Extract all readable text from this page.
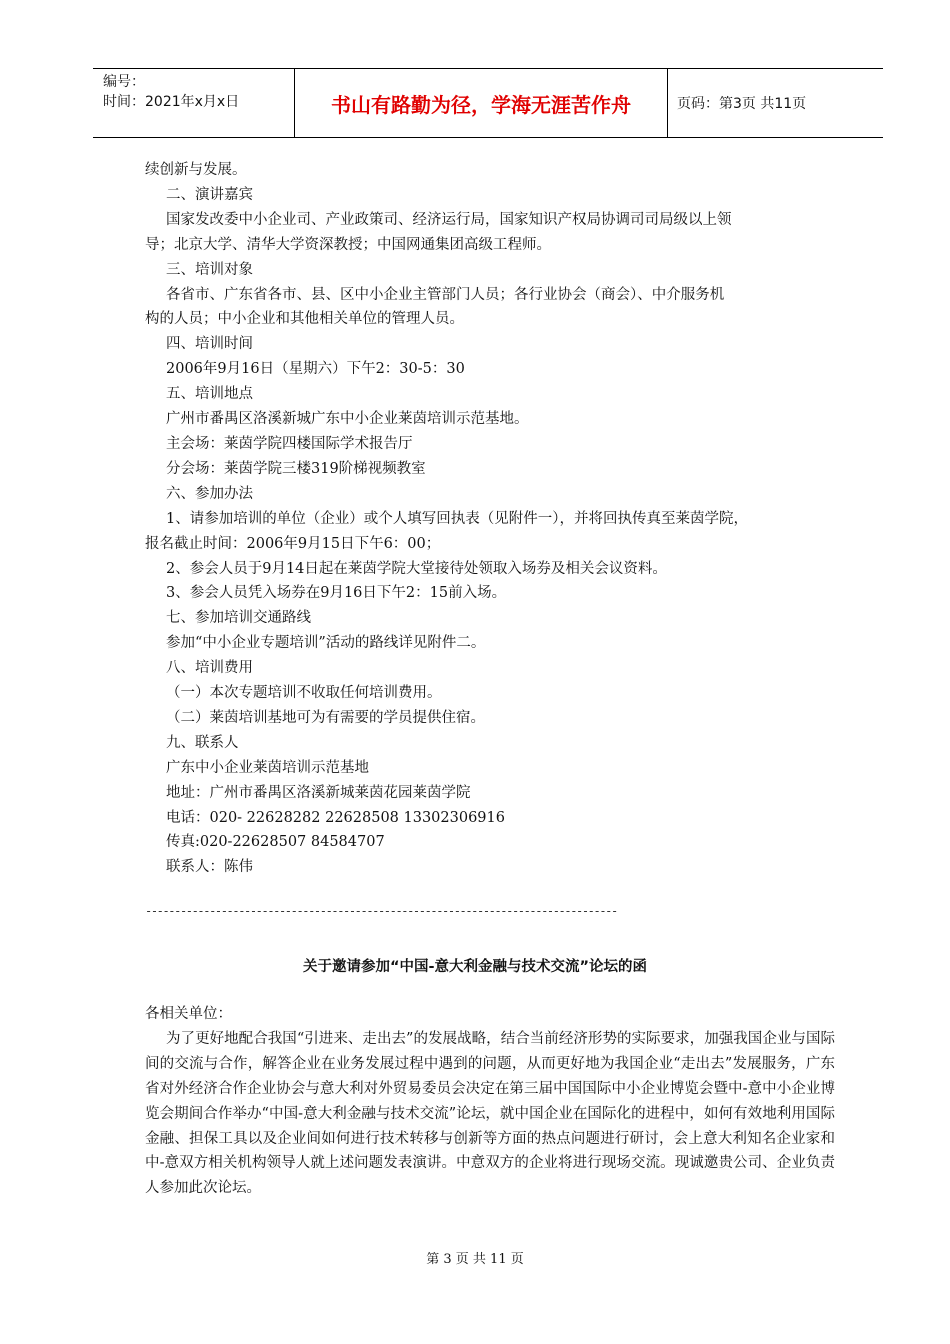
编号：
时间：2021年x月x日	书山有路勤为径，学海无涯苦作舟	页码：第3页 共11页

续创新与发展。

二、演讲嘉宾

国家发改委中小企业司、产业政策司、经济运行局，国家知识产权局协调司司局级以上领

导；北京大学、清华大学资深教授；中国网通集团高级工程师。

三、培训对象

各省市、广东省各市、县、区中小企业主管部门人员；各行业协会（商会）、中介服务机

构的人员；中小企业和其他相关单位的管理人员。

四、培训时间

2006年9月16日（星期六）下午2：30-5：30

五、培训地点

广州市番禺区洛溪新城广东中小企业莱茵培训示范基地。

主会场：莱茵学院四楼国际学术报告厅

分会场：莱茵学院三楼319阶梯视频教室

六、参加办法

1、请参加培训的单位（企业）或个人填写回执表（见附件一），并将回执传真至莱茵学院，

报名截止时间：2006年9月15日下午6：00；

2、参会人员于9月14日起在莱茵学院大堂接待处领取入场券及相关会议资料。

3、参会人员凭入场券在9月16日下午2：15前入场。

七、参加培训交通路线

参加“中小企业专题培训”活动的路线详见附件二。

八、培训费用

（一）本次专题培训不收取任何培训费用。

（二）莱茵培训基地可为有需要的学员提供住宿。

九、联系人

广东中小企业莱茵培训示范基地

地址：广州市番禺区洛溪新城莱茵花园莱茵学院

电话：020- 22628282 22628508 13302306916

传真:020-22628507 84584707

联系人：陈伟

---------------------------------------------------------------------------------
关于邀请参加“中国-意大利金融与技术交流”论坛的函

各相关单位：

为了更好地配合我国“引进来、走出去”的发展战略，结合当前经济形势的实际要求，加强我国企业与国际间的交流与合作，解答企业在业务发展过程中遇到的问题，从而更好地为我国企业“走出去”发展服务，广东省对外经济合作企业协会与意大利对外贸易委员会决定在第三届中国国际中小企业博览会暨中-意中小企业博览会期间合作举办“中国-意大利金融与技术交流”论坛，就中国企业在国际化的进程中，如何有效地利用国际金融、担保工具以及企业间如何进行技术转移与创新等方面的热点问题进行研讨，会上意大利知名企业家和中-意双方相关机构领导人就上述问题发表演讲。中意双方的企业将进行现场交流。现诚邀贵公司、企业负责人参加此次论坛。

第 3 页 共 11 页
